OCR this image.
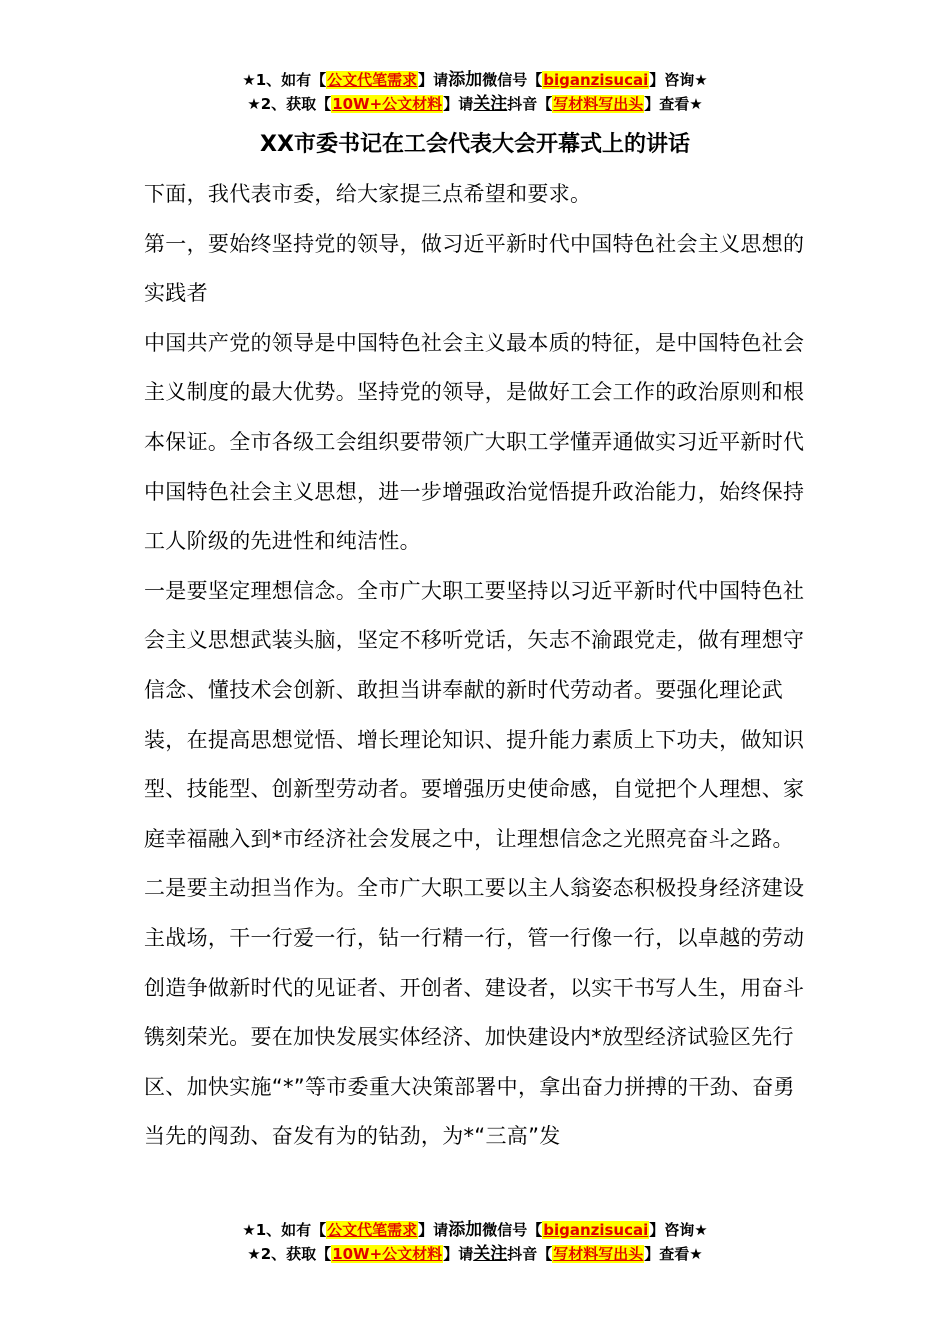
★1、如有【公文代笔需求】请添加微信号【biganzisucai】咨询★
★2、获取【10W+公文材料】请关注抖音【写材料写出头】查看★
XX市委书记在工会代表大会开幕式上的讲话

下面，我代表市委，给大家提三点希望和要求。

第一，要始终坚持党的领导，做习近平新时代中国特色社会主义思想的实践者

中国共产党的领导是中国特色社会主义最本质的特征，是中国特色社会主义制度的最大优势。坚持党的领导，是做好工会工作的政治原则和根本保证。全市各级工会组织要带领广大职工学懂弄通做实习近平新时代中国特色社会主义思想，进一步增强政治觉悟提升政治能力，始终保持工人阶级的先进性和纯洁性。

一是要坚定理想信念。全市广大职工要坚持以习近平新时代中国特色社会主义思想武装头脑，坚定不移听党话，矢志不渝跟党走，做有理想守信念、懂技术会创新、敢担当讲奉献的新时代劳动者。要强化理论武装，在提高思想觉悟、增长理论知识、提升能力素质上下功夫，做知识型、技能型、创新型劳动者。要增强历史使命感，自觉把个人理想、家庭幸福融入到*市经济社会发展之中，让理想信念之光照亮奋斗之路。

二是要主动担当作为。全市广大职工要以主人翁姿态积极投身经济建设主战场，干一行爱一行，钻一行精一行，管一行像一行，以卓越的劳动创造争做新时代的见证者、开创者、建设者，以实干书写人生，用奋斗镌刻荣光。要在加快发展实体经济、加快建设内*放型经济试验区先行区、加快实施“*”等市委重大决策部署中，拿出奋力拼搏的干劲、奋勇当先的闯劲、奋发有为的钻劲，为*“三高”发

★1、如有【公文代笔需求】请添加微信号【biganzisucai】咨询★
★2、获取【10W+公文材料】请关注抖音【写材料写出头】查看★
